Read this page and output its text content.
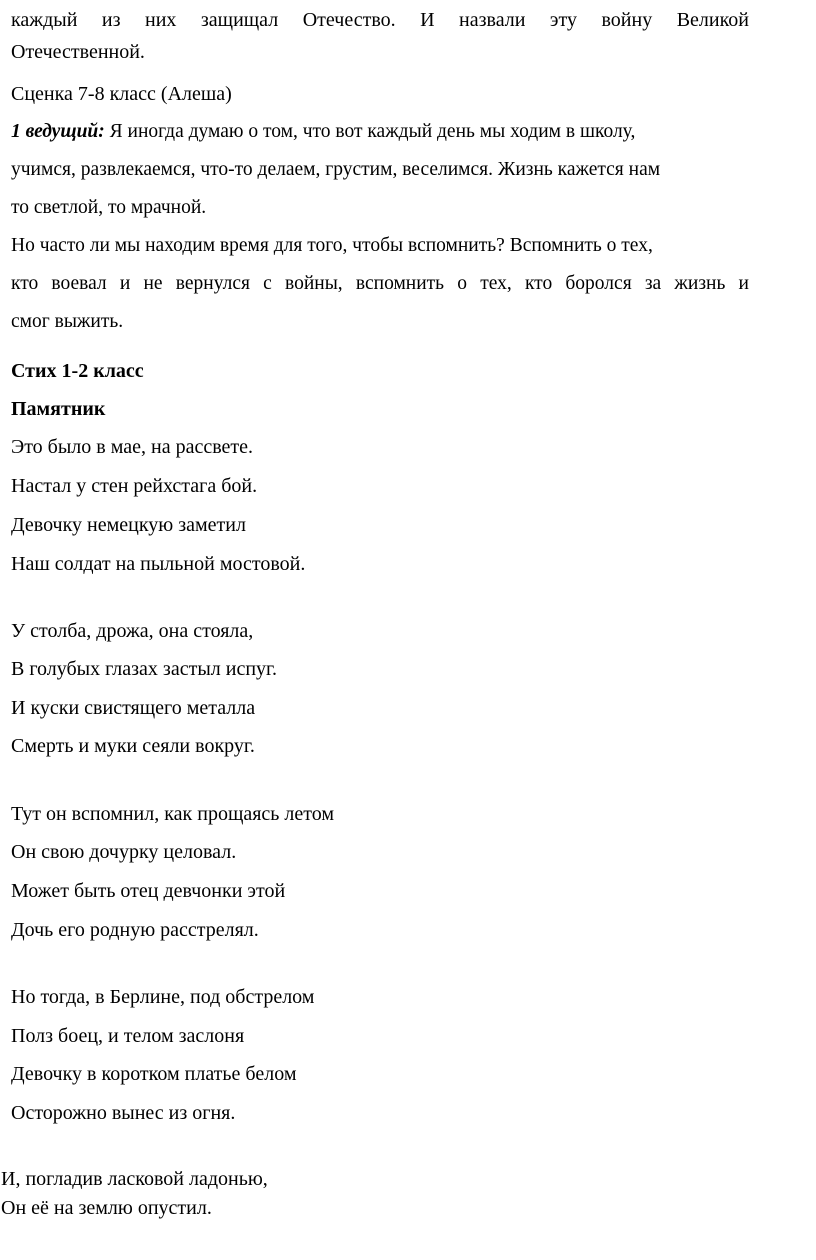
каждый из них защищал Отечество. И назвали эту войну Великой
Отечественной.
Сценка 7-8 класс (Алеша)
1 ведущий: Я иногда думаю о том, что вот каждый день мы ходим в школу,
учимся, развлекаемся, что-то делаем, грустим, веселимся. Жизнь кажется нам
то светлой, то мрачной.
Но часто ли мы находим время для того, чтобы вспомнить? Вспомнить о тех,
кто воевал и не вернулся с войны, вспомнить о тех, кто боролся за жизнь и
смог выжить.
Стих 1-2 класс
Памятник
Это было в мае, на рассвете.
Настал у стен рейхстага бой.
Девочку немецкую заметил
Наш солдат на пыльной мостовой.
У столба, дрожа, она стояла,
В голубых глазах застыл испуг.
И куски свистящего металла
Смерть и муки сеяли вокруг.
Тут он вспомнил, как прощаясь летом
Он свою дочурку целовал.
Может быть отец девчонки этой
Дочь его родную расстрелял.
Но тогда, в Берлине, под обстрелом
Полз боец, и телом заслоня
Девочку в коротком платье белом
Осторожно вынес из огня.
И, погладив ласковой ладонью,
Он её на землю опустил.
